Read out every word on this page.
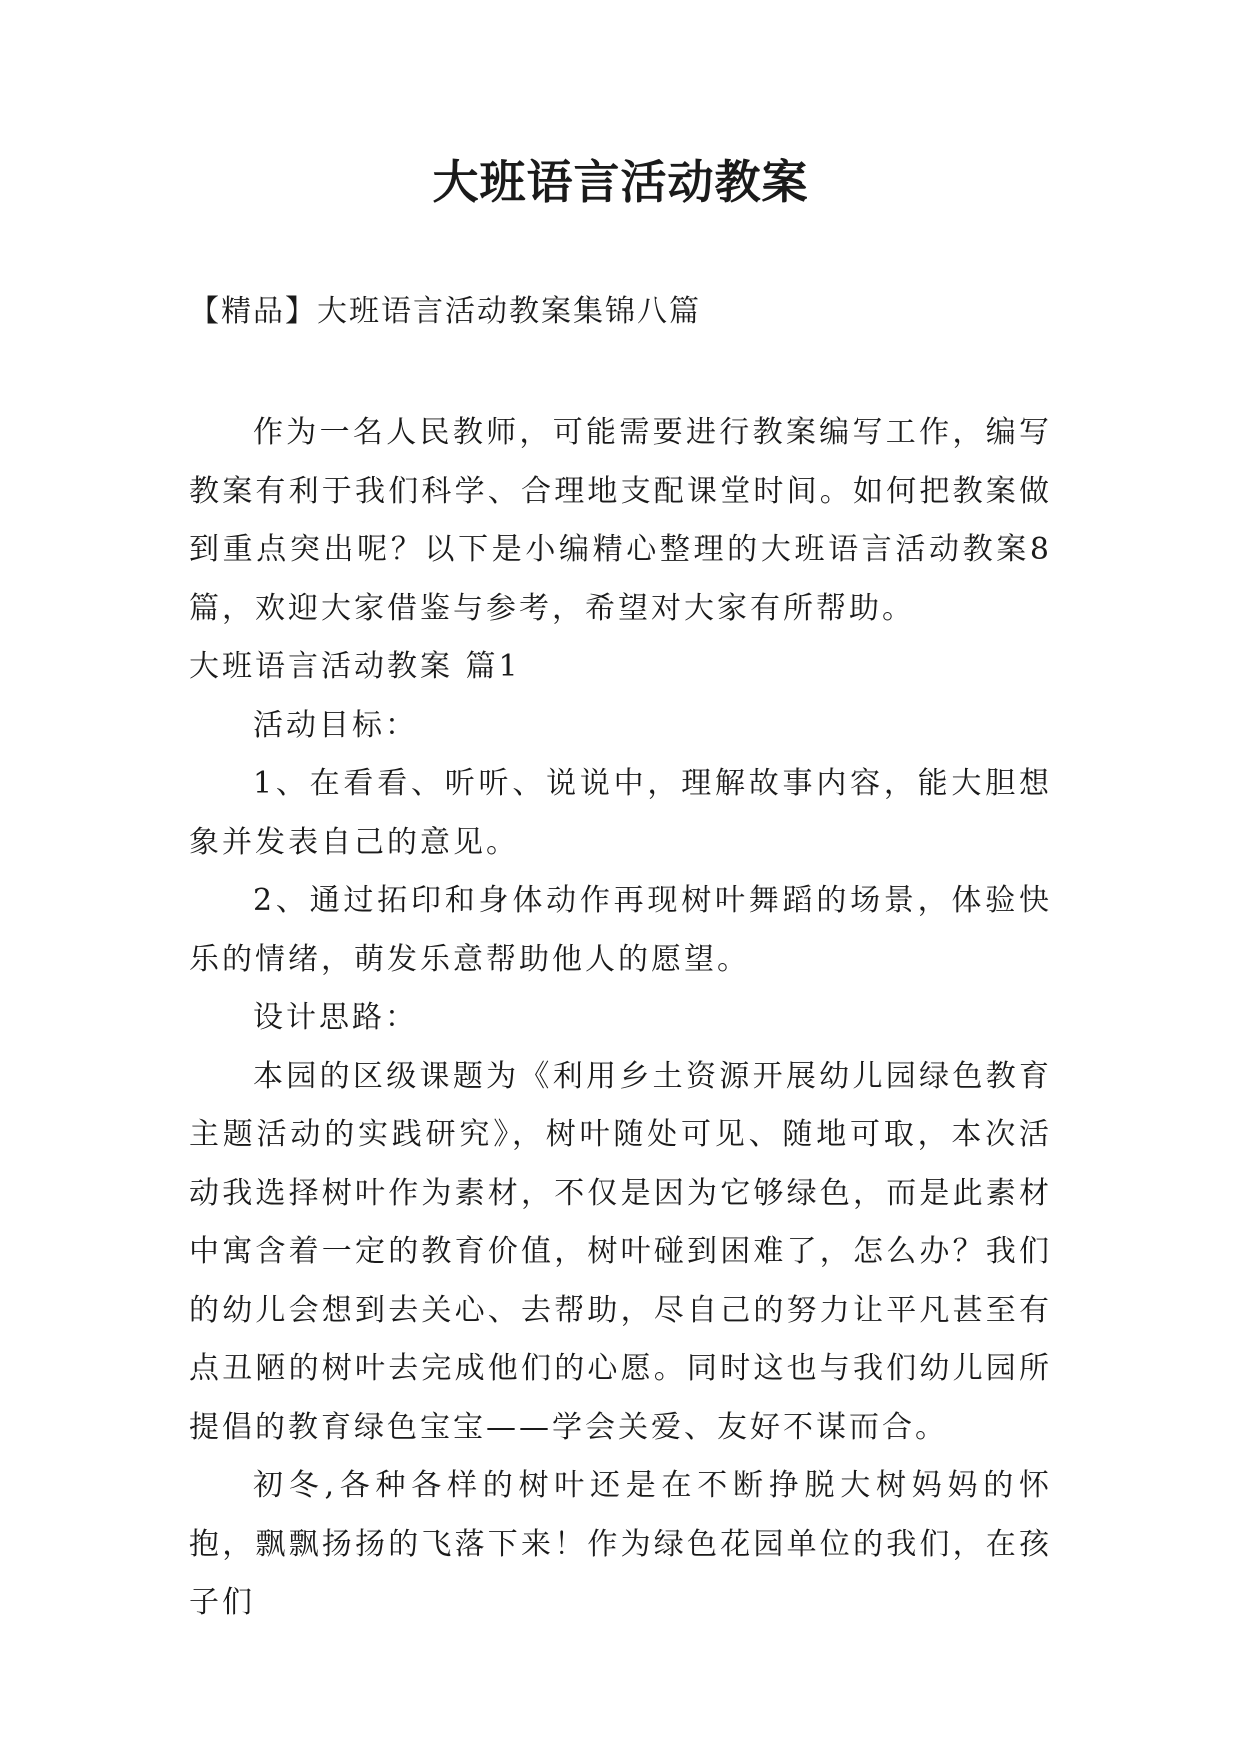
大班语言活动教案
【精品】大班语言活动教案集锦八篇

作为一名人民教师，可能需要进行教案编写工作，编写教案有利于我们科学、合理地支配课堂时间。如何把教案做到重点突出呢？以下是小编精心整理的大班语言活动教案8篇，欢迎大家借鉴与参考，希望对大家有所帮助。

大班语言活动教案 篇1

活动目标：

1、在看看、听听、说说中，理解故事内容，能大胆想象并发表自己的意见。

2、通过拓印和身体动作再现树叶舞蹈的场景，体验快乐的情绪，萌发乐意帮助他人的愿望。

设计思路：

本园的区级课题为《利用乡土资源开展幼儿园绿色教育主题活动的实践研究》，树叶随处可见、随地可取，本次活动我选择树叶作为素材，不仅是因为它够绿色，而是此素材中寓含着一定的教育价值，树叶碰到困难了，怎么办？我们的幼儿会想到去关心、去帮助，尽自己的努力让平凡甚至有点丑陋的树叶去完成他们的心愿。同时这也与我们幼儿园所提倡的教育绿色宝宝——学会关爱、友好不谋而合。

初冬,各种各样的树叶还是在不断挣脱大树妈妈的怀抱，飘飘扬扬的飞落下来！作为绿色花园单位的我们，在孩子们
